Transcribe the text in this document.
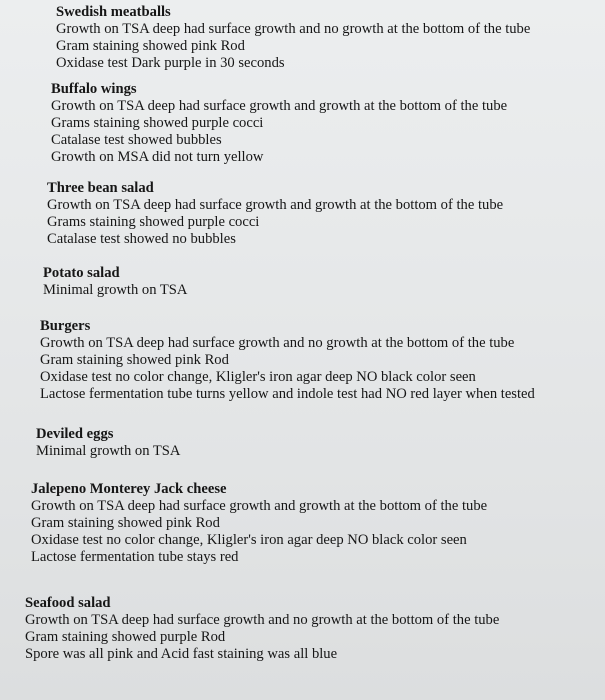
Swedish meatballs
Growth on TSA deep had surface growth and no growth at the bottom of the tube
Gram staining showed pink Rod
Oxidase test Dark purple in 30 seconds
Buffalo wings
Growth on TSA deep had surface growth and growth at the bottom of the tube
Grams staining showed purple cocci
Catalase test showed bubbles
Growth on MSA did not turn yellow
Three bean salad
Growth on TSA deep had surface growth and growth at the bottom of the tube
Grams staining showed purple cocci
Catalase test showed no bubbles
Potato salad
Minimal growth on TSA
Burgers
Growth on TSA deep had surface growth and no growth at the bottom of the tube
Gram staining showed pink Rod
Oxidase test no color change, Kligler's iron agar deep NO black color seen
Lactose fermentation tube turns yellow and indole test had NO red layer when tested
Deviled eggs
Minimal growth on TSA
Jalepeno Monterey Jack cheese
Growth on TSA deep had surface growth and growth at the bottom of the tube
Gram staining showed pink Rod
Oxidase test no color change, Kligler's iron agar deep NO black color seen
Lactose fermentation tube stays red
Seafood salad
Growth on TSA deep had surface growth and no growth at the bottom of the tube
Gram staining showed purple Rod
Spore was all pink and Acid fast staining was all blue
